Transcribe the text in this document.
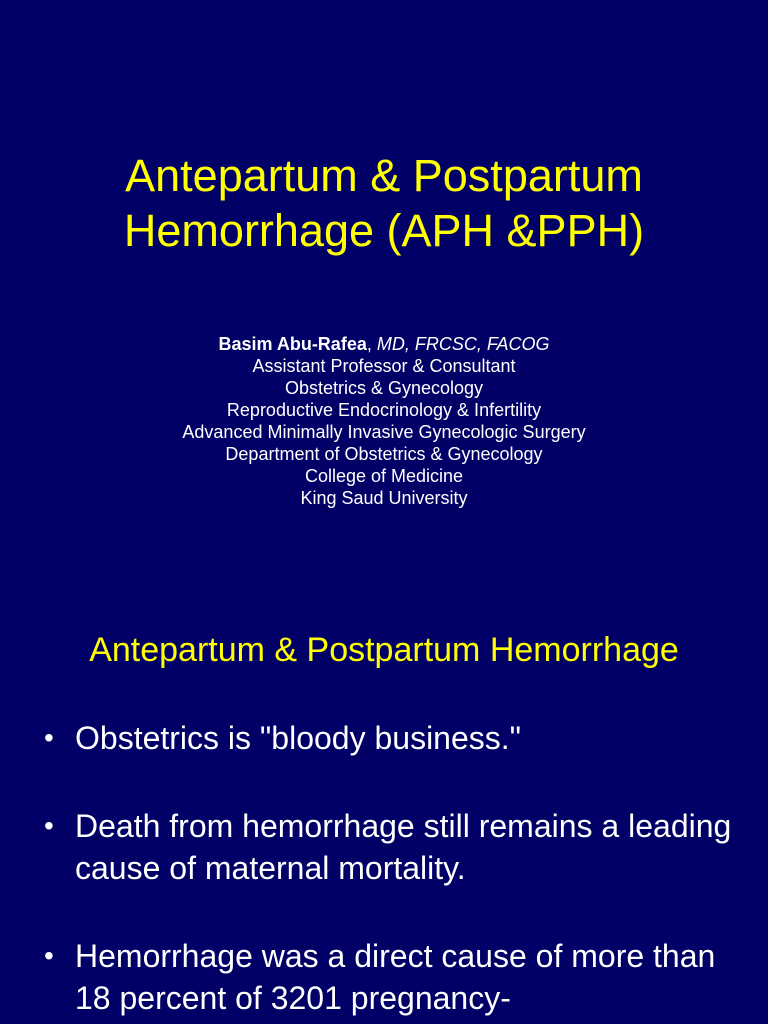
Antepartum & Postpartum
Hemorrhage (APH &PPH)
Basim Abu-Rafea, MD, FRCSC, FACOG
Assistant Professor & Consultant
Obstetrics & Gynecology
Reproductive Endocrinology & Infertility
Advanced Minimally Invasive Gynecologic Surgery
Department of Obstetrics & Gynecology
College of Medicine
King Saud University
Antepartum & Postpartum Hemorrhage
• Obstetrics is "bloody business."
• Death from hemorrhage still remains a leading cause of maternal mortality.
• Hemorrhage was a direct cause of more than 18 percent of 3201 pregnancy-
